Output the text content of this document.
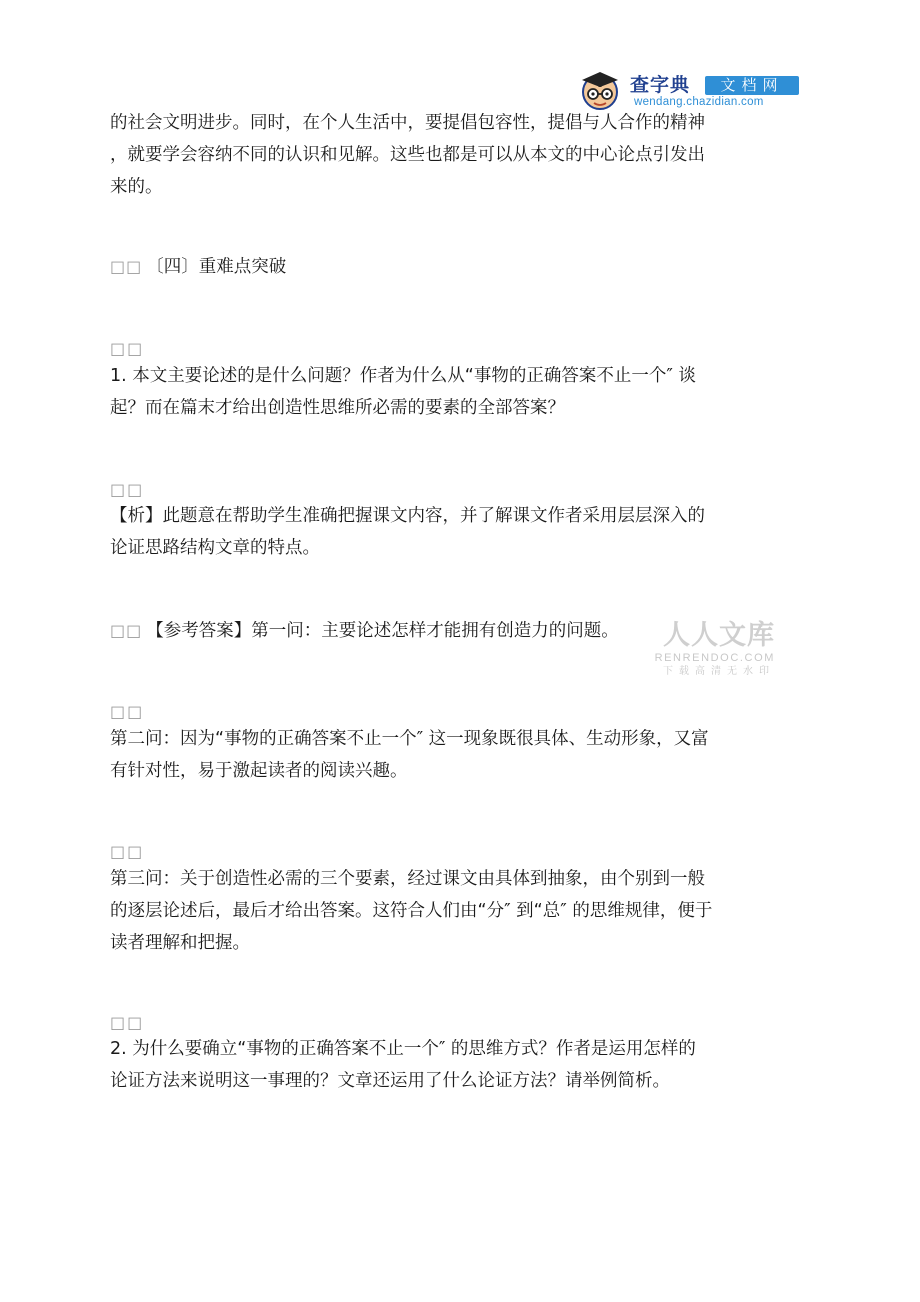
查字典	文档网
wendang.chazidian.com
的社会文明进步。同时，在个人生活中，要提倡包容性，提倡与人合作的精神
，就要学会容纳不同的认识和见解。这些也都是可以从本文的中心论点引发出
来的。
□□ 〔四〕重难点突破
□□
1. 本文主要论述的是什么问题？作者为什么从“事物的正确答案不止一个″ 谈
起？而在篇末才给出创造性思维所必需的要素的全部答案？
□□
【析】此题意在帮助学生准确把握课文内容，并了解课文作者采用层层深入的
论证思路结构文章的特点。
□□ 【参考答案】第一问：主要论述怎样才能拥有创造力的问题。	人人文库
RENRENDOC.COM
下载高清无水印
□□
第二问：因为“事物的正确答案不止一个″ 这一现象既很具体、生动形象，又富
有针对性，易于激起读者的阅读兴趣。
□□
第三问：关于创造性必需的三个要素，经过课文由具体到抽象，由个别到一般
的逐层论述后，最后才给出答案。这符合人们由“分″ 到“总″ 的思维规律，便于
读者理解和把握。
□□
2. 为什么要确立“事物的正确答案不止一个″ 的思维方式？作者是运用怎样的
论证方法来说明这一事理的？文章还运用了什么论证方法？请举例简析。
